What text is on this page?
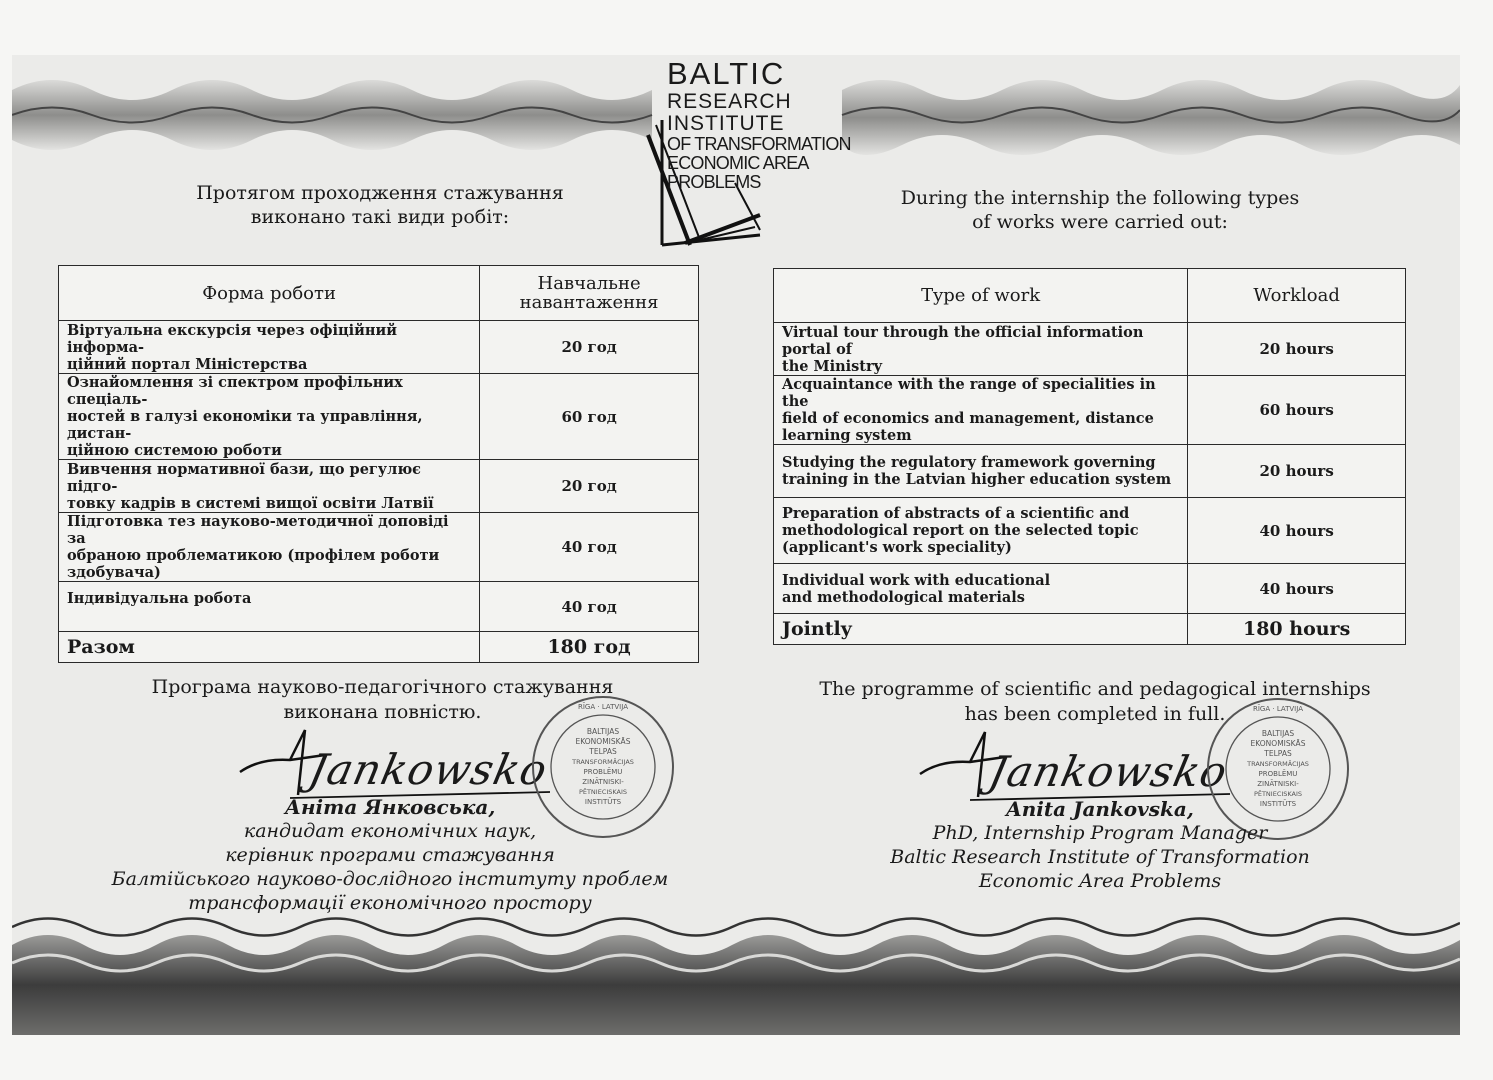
BALTIC
RESEARCH
INSTITUTE
OF TRANSFORMATION
ECONOMIC AREA
PROBLEMS
Протягом проходження стажування
виконано такі види робіт:
During the internship the following types
of works were carried out:
Форма роботи	Навчальне
навантаження
Віртуальна екскурсія через офіційний інформа-
ційний портал Міністерства	20 год
Ознайомлення зі спектром профільних спеціаль-
ностей в галузі економіки та управління, дистан-
ційною системою роботи	60 год
Вивчення нормативної бази, що регулює підго-
товку кадрів в системі вищої освіти Латвії	20 год
Підготовка тез науково-методичної доповіді за
обраною проблематикою (профілем роботи
здобувача)	40 год
Індивідуальна робота	40 год
Разом	180 год
Type of work	Workload
Virtual tour through the official information portal of
the Ministry	20 hours
Acquaintance with the range of specialities in the
field of economics and management, distance
learning system	60 hours
Studying the regulatory framework governing
training in the Latvian higher education system	20 hours
Preparation of abstracts of a scientific and
methodological report on the selected topic
(applicant's work speciality)	40 hours
Individual work with educational
and methodological materials	40 hours
Jointly	180 hours
Програма науково-педагогічного стажування
виконана повністю.
The programme of scientific and pedagogical internships
has been completed in full.
Jankowsko	Jankowsko
BALTIJAS
EKONOMISKĀS
TELPAS
TRANSFORMĀCIJAS
PROBLĒMU
ZINĀTNISKI-
PĒTNIECISKAIS
INSTITŪTS
RĪGA · LATVIJA
BALTIJAS
EKONOMISKĀS
TELPAS
TRANSFORMĀCIJAS
PROBLĒMU
ZINĀTNISKI-
PĒTNIECISKAIS
INSTITŪTS
RĪGA · LATVIJA
Аніта Янковська,
кандидат економічних наук,
керівник програми стажування
Балтійського науково-дослідного інституту проблем
трансформації економічного простору
Anita Jankovska,
PhD, Internship Program Manager
Baltic Research Institute of Transformation
Economic Area Problems
